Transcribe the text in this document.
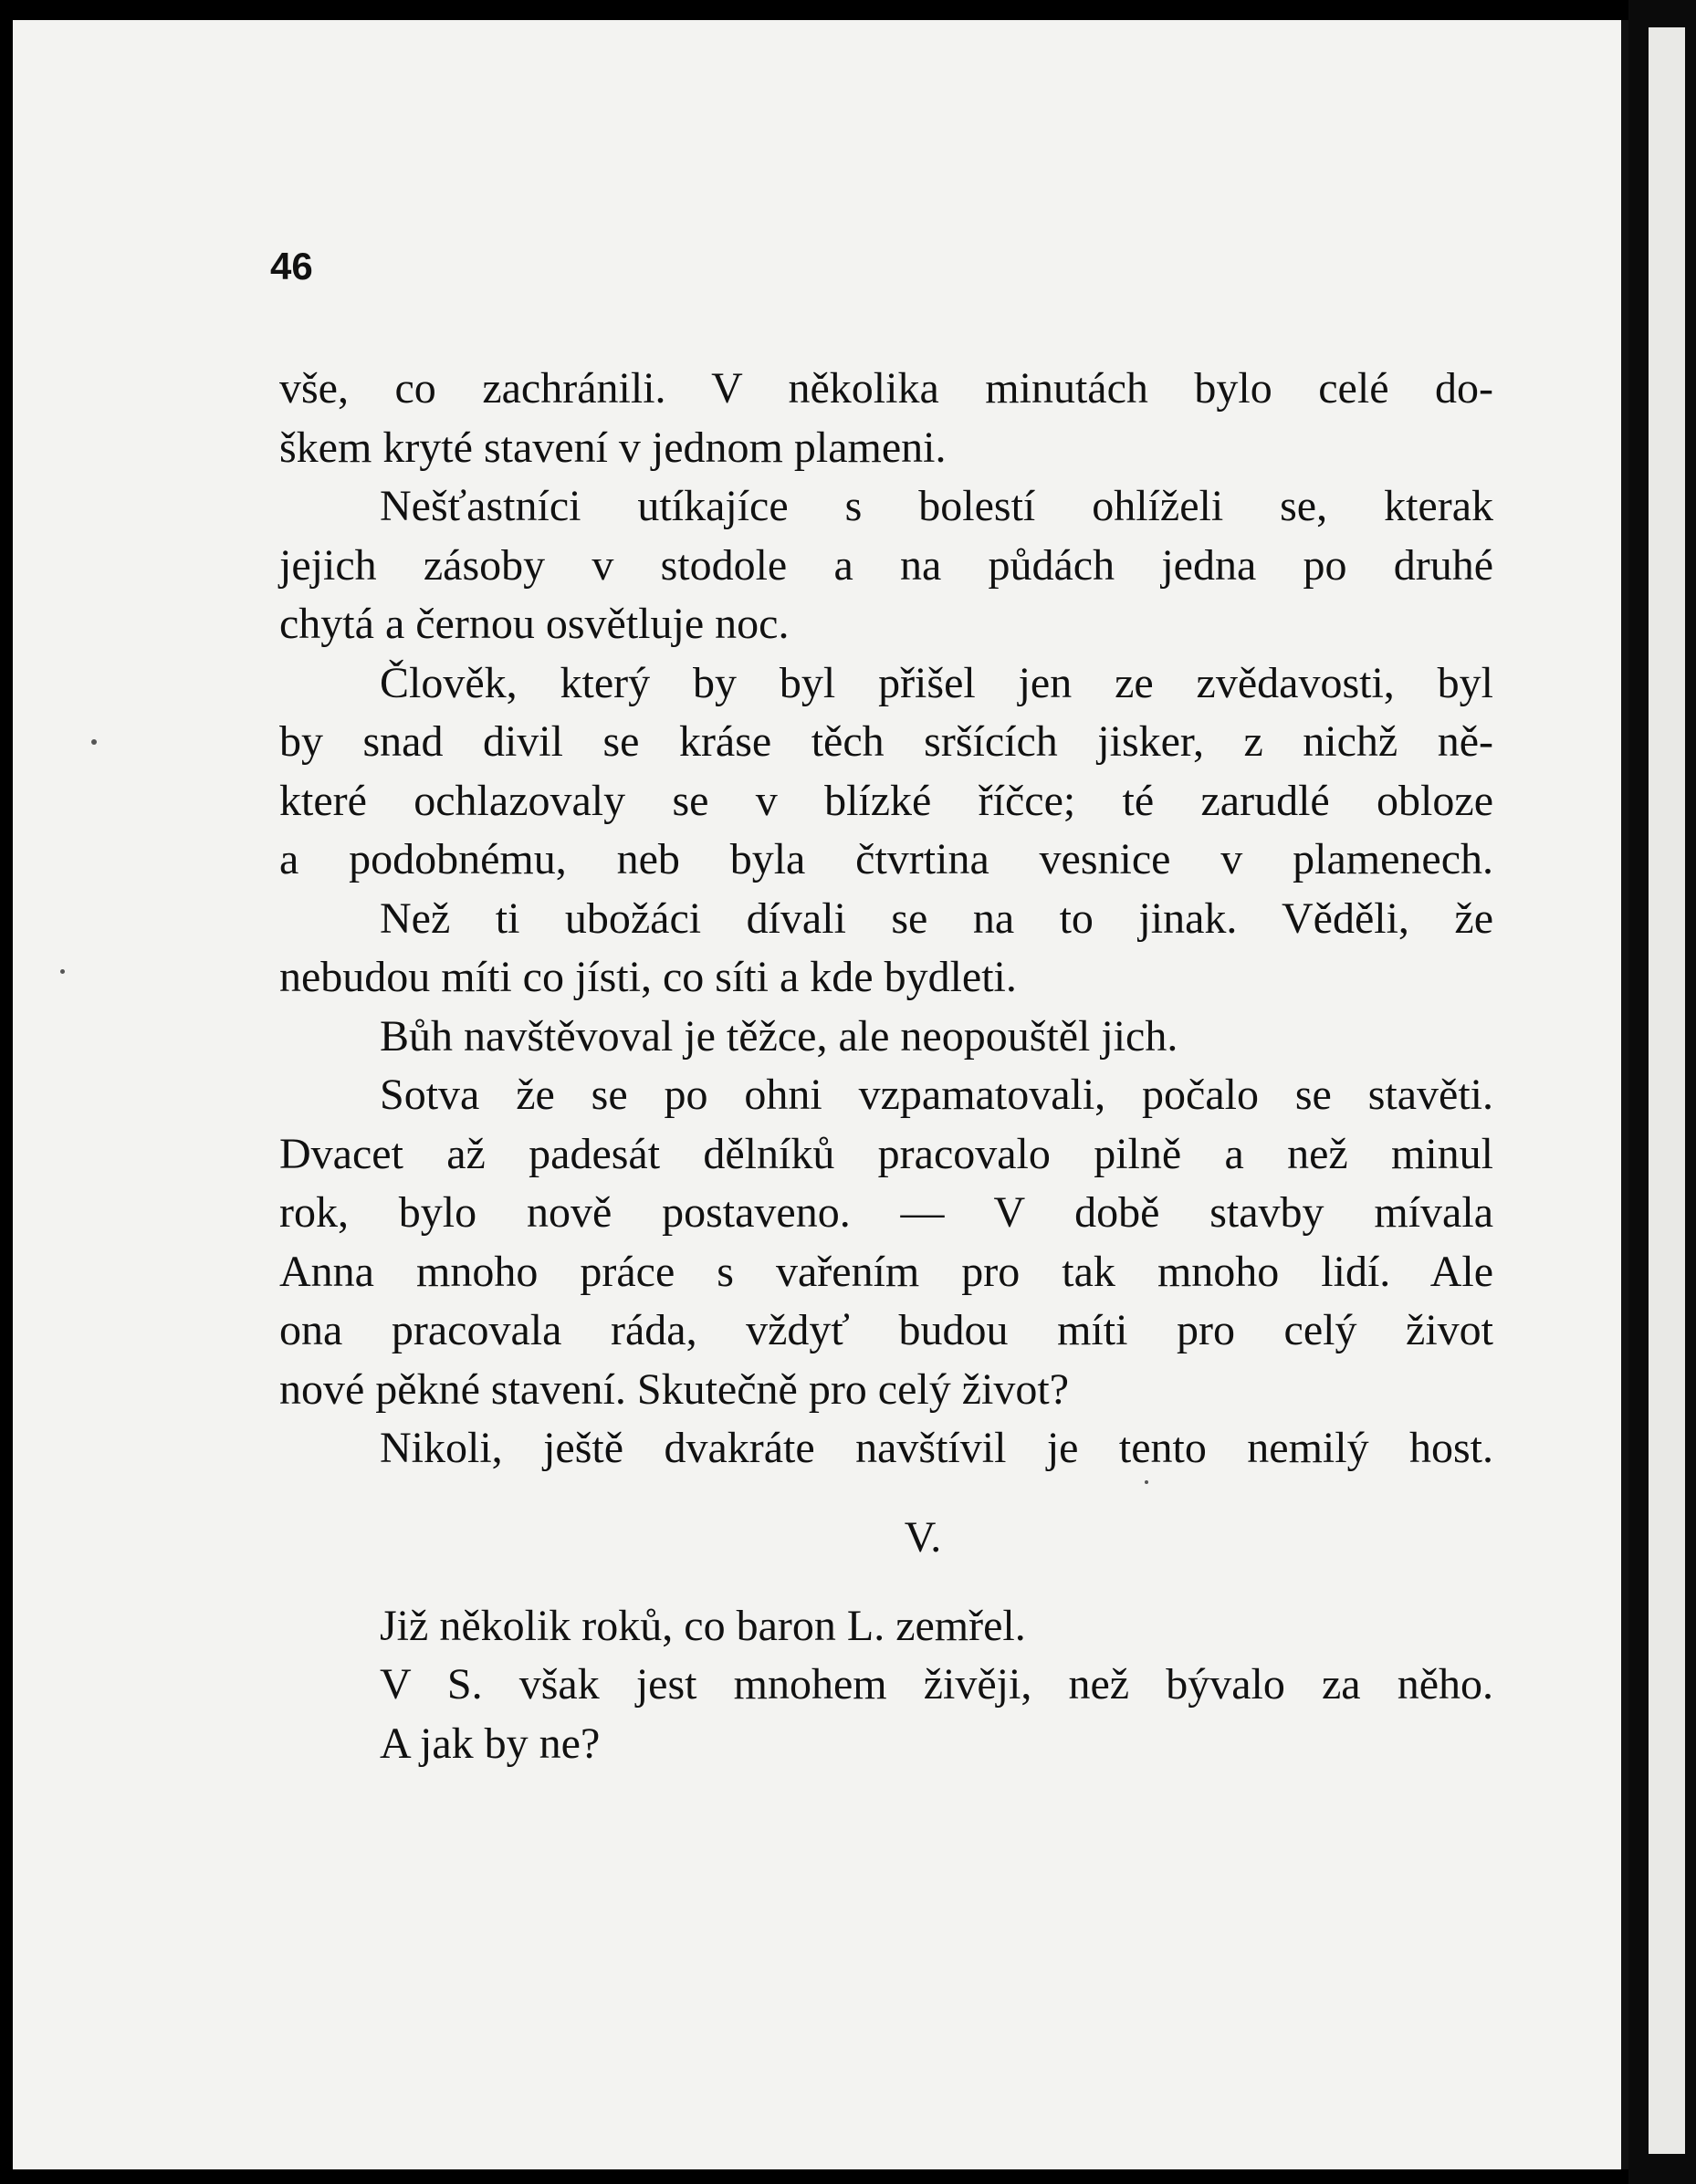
46
vše, co zachránili. V několika minutách bylo celé do-
škem kryté stavení v jednom plameni.
Nešťastníci utíkajíce s bolestí ohlíželi se, kterak
jejich zásoby v stodole a na půdách jedna po druhé
chytá a černou osvětluje noc.
Člověk, který by byl přišel jen ze zvědavosti, byl
by snad divil se kráse těch sršících jisker, z nichž ně-
které ochlazovaly se v blízké říčce; té zarudlé obloze
a podobnému, neb byla čtvrtina vesnice v plamenech.
Než ti ubožáci dívali se na to jinak. Věděli, že
nebudou míti co jísti, co síti a kde bydleti.
Bůh navštěvoval je těžce, ale neopouštěl jich.
Sotva že se po ohni vzpamatovali, počalo se stavěti.
Dvacet až padesát dělníků pracovalo pilně a než minul
rok, bylo nově postaveno. — V době stavby mívala
Anna mnoho práce s vařením pro tak mnoho lidí. Ale
ona pracovala ráda, vždyť budou míti pro celý život
nové pěkné stavení. Skutečně pro celý život?
Nikoli, ještě dvakráte navštívil je tento nemilý host.
V.
Již několik roků, co baron L. zemřel.
V S. však jest mnohem živěji, než bývalo za něho.
A jak by ne?
